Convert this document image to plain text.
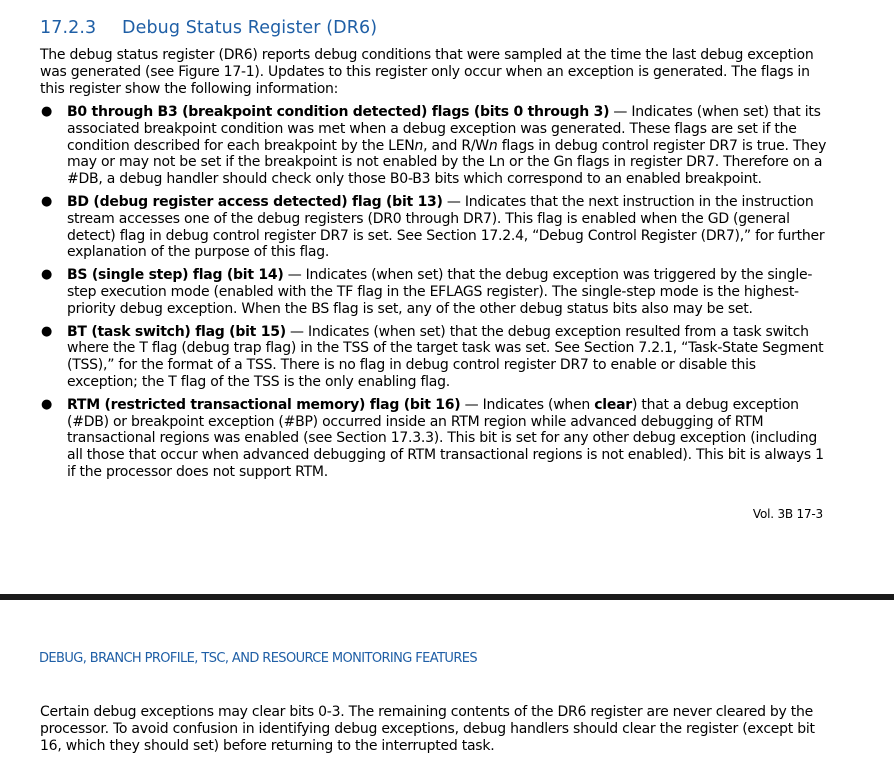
17.2.3 Debug Status Register (DR6)

The debug status register (DR6) reports debug conditions that were sampled at the time the last debug exception was generated (see Figure 17-1). Updates to this register only occur when an exception is generated. The flags in this register show the following information:

● B0 through B3 (breakpoint condition detected) flags (bits 0 through 3) — Indicates (when set) that its associated breakpoint condition was met when a debug exception was generated. These flags are set if the condition described for each breakpoint by the LENn, and R/Wn flags in debug control register DR7 is true. They may or may not be set if the breakpoint is not enabled by the Ln or the Gn flags in register DR7. Therefore on a #DB, a debug handler should check only those B0-B3 bits which correspond to an enabled breakpoint.
● BD (debug register access detected) flag (bit 13) — Indicates that the next instruction in the instruction stream accesses one of the debug registers (DR0 through DR7). This flag is enabled when the GD (general detect) flag in debug control register DR7 is set. See Section 17.2.4, “Debug Control Register (DR7),” for further explanation of the purpose of this flag.
● BS (single step) flag (bit 14) — Indicates (when set) that the debug exception was triggered by the single-step execution mode (enabled with the TF flag in the EFLAGS register). The single-step mode is the highest-priority debug exception. When the BS flag is set, any of the other debug status bits also may be set.
● BT (task switch) flag (bit 15) — Indicates (when set) that the debug exception resulted from a task switch where the T flag (debug trap flag) in the TSS of the target task was set. See Section 7.2.1, “Task-State Segment (TSS),” for the format of a TSS. There is no flag in debug control register DR7 to enable or disable this exception; the T flag of the TSS is the only enabling flag.
● RTM (restricted transactional memory) flag (bit 16) — Indicates (when clear) that a debug exception (#DB) or breakpoint exception (#BP) occurred inside an RTM region while advanced debugging of RTM transactional regions was enabled (see Section 17.3.3). This bit is set for any other debug exception (including all those that occur when advanced debugging of RTM transactional regions is not enabled). This bit is always 1 if the processor does not support RTM.
Vol. 3B 17-3
DEBUG, BRANCH PROFILE, TSC, AND RESOURCE MONITORING FEATURES

Certain debug exceptions may clear bits 0-3. The remaining contents of the DR6 register are never cleared by the processor. To avoid confusion in identifying debug exceptions, debug handlers should clear the register (except bit 16, which they should set) before returning to the interrupted task.
